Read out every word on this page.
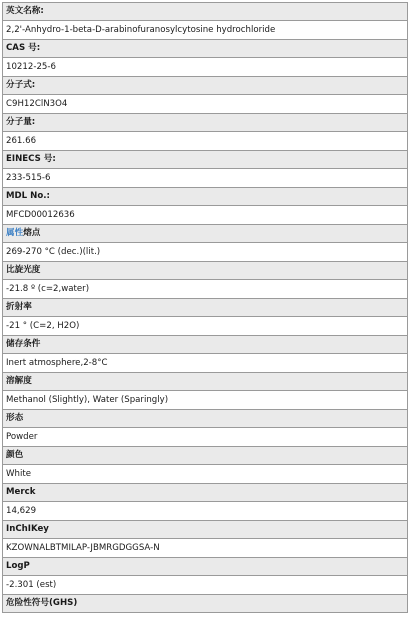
英文名称:
2,2'-Anhydro-1-beta-D-arabinofuranosylcytosine hydrochloride
CAS 号:
10212-25-6
分子式:
C9H12ClN3O4
分子量:
261.66
EINECS 号:
233-515-6
MDL No.:
MFCD00012636
属性熔点
269-270 °C (dec.)(lit.)
比旋光度
-21.8 º (c=2,water)
折射率
-21 ° (C=2, H2O)
储存条件
Inert atmosphere,2-8°C
溶解度
Methanol (Slightly), Water (Sparingly)
形态
Powder
颜色
White
Merck
14,629
InChIKey
KZOWNALBTMILAP-JBMRGDGGSA-N
LogP
-2.301 (est)
危险性符号(GHS)
